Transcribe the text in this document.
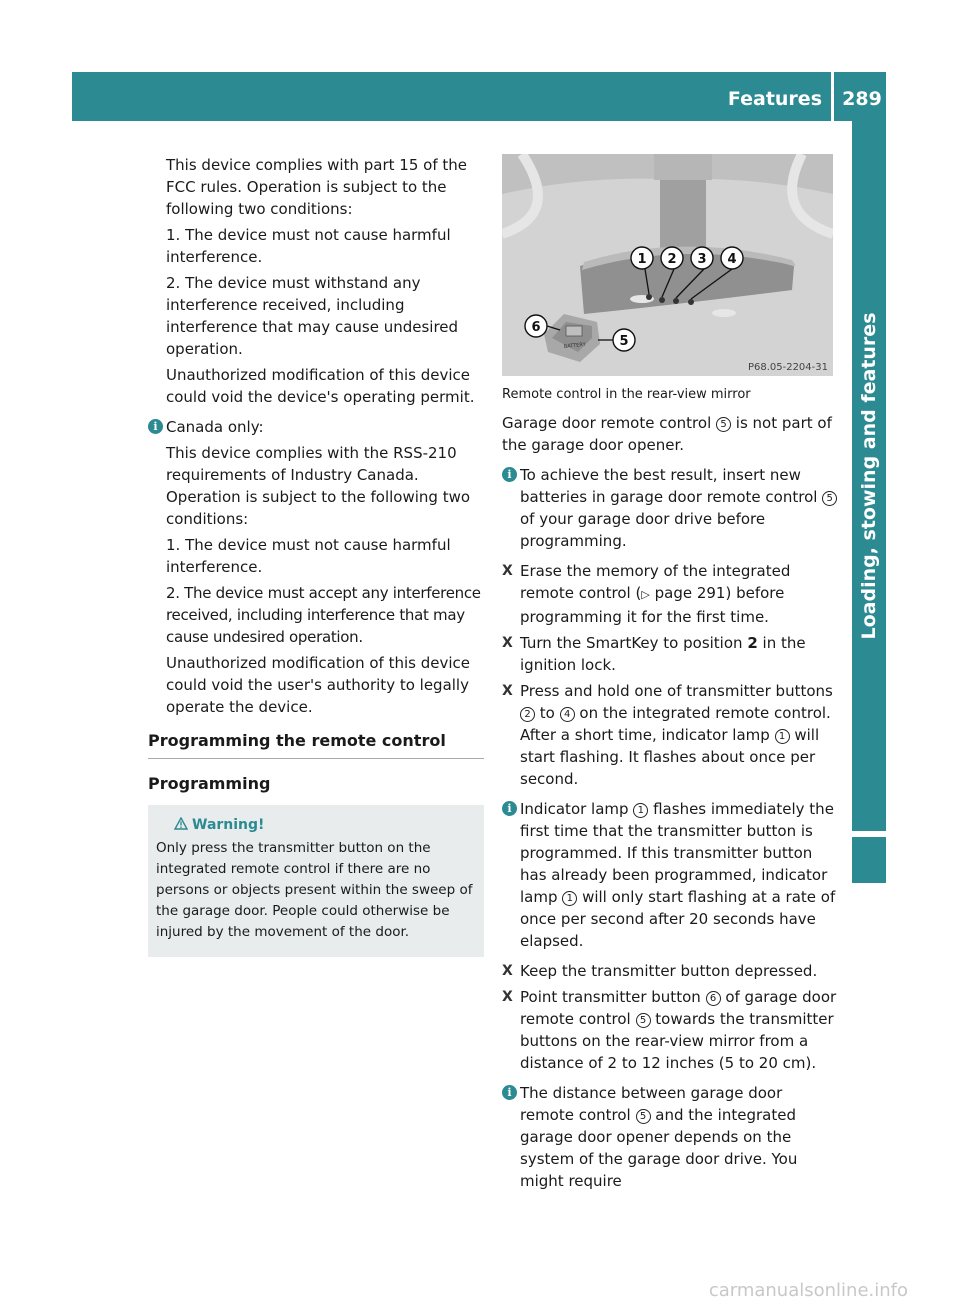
Features 289
Loading, stowing and features

This device complies with part 15 of the FCC rules. Operation is subject to the following two conditions:

1. The device must not cause harmful interference.

2. The device must withstand any interference received, including interference that may cause undesired operation.

Unauthorized modification of this device could void the device's operating permit.

i Canada only:

This device complies with the RSS-210 requirements of Industry Canada. Operation is subject to the following two conditions:

1. The device must not cause harmful interference.

2. The device must accept any interference received, including interference that may cause undesired operation.

Unauthorized modification of this device could void the user's authority to legally operate the device.

Programming the remote control
Programming
Warning!

Only press the transmitter button on the integrated remote control if there are no persons or objects present within the sweep of the garage door. People could otherwise be injured by the movement of the door.

1 2 3 4
5
6
BATTERY
P68.05-2204-31

Remote control in the rear-view mirror

Garage door remote control 5 is not part of the garage door opener.

i To achieve the best result, insert new batteries in garage door remote control 5 of your garage door drive before programming.

X Erase the memory of the integrated remote control (▷ page 291) before programming it for the first time.
X Turn the SmartKey to position 2 in the ignition lock.
X Press and hold one of transmitter buttons 2 to 4 on the integrated remote control.
After a short time, indicator lamp 1 will start flashing. It flashes about once per second.
i Indicator lamp 1 flashes immediately the first time that the transmitter button is programmed. If this transmitter button has already been programmed, indicator lamp 1 will only start flashing at a rate of once per second after 20 seconds have elapsed.

X Keep the transmitter button depressed.
X Point transmitter button 6 of garage door remote control 5 towards the transmitter buttons on the rear-view mirror from a distance of 2 to 12 inches (5 to 20 cm).
i The distance between garage door remote control 5 and the integrated garage door opener depends on the system of the garage door drive. You might require

carmanualsonline.info
